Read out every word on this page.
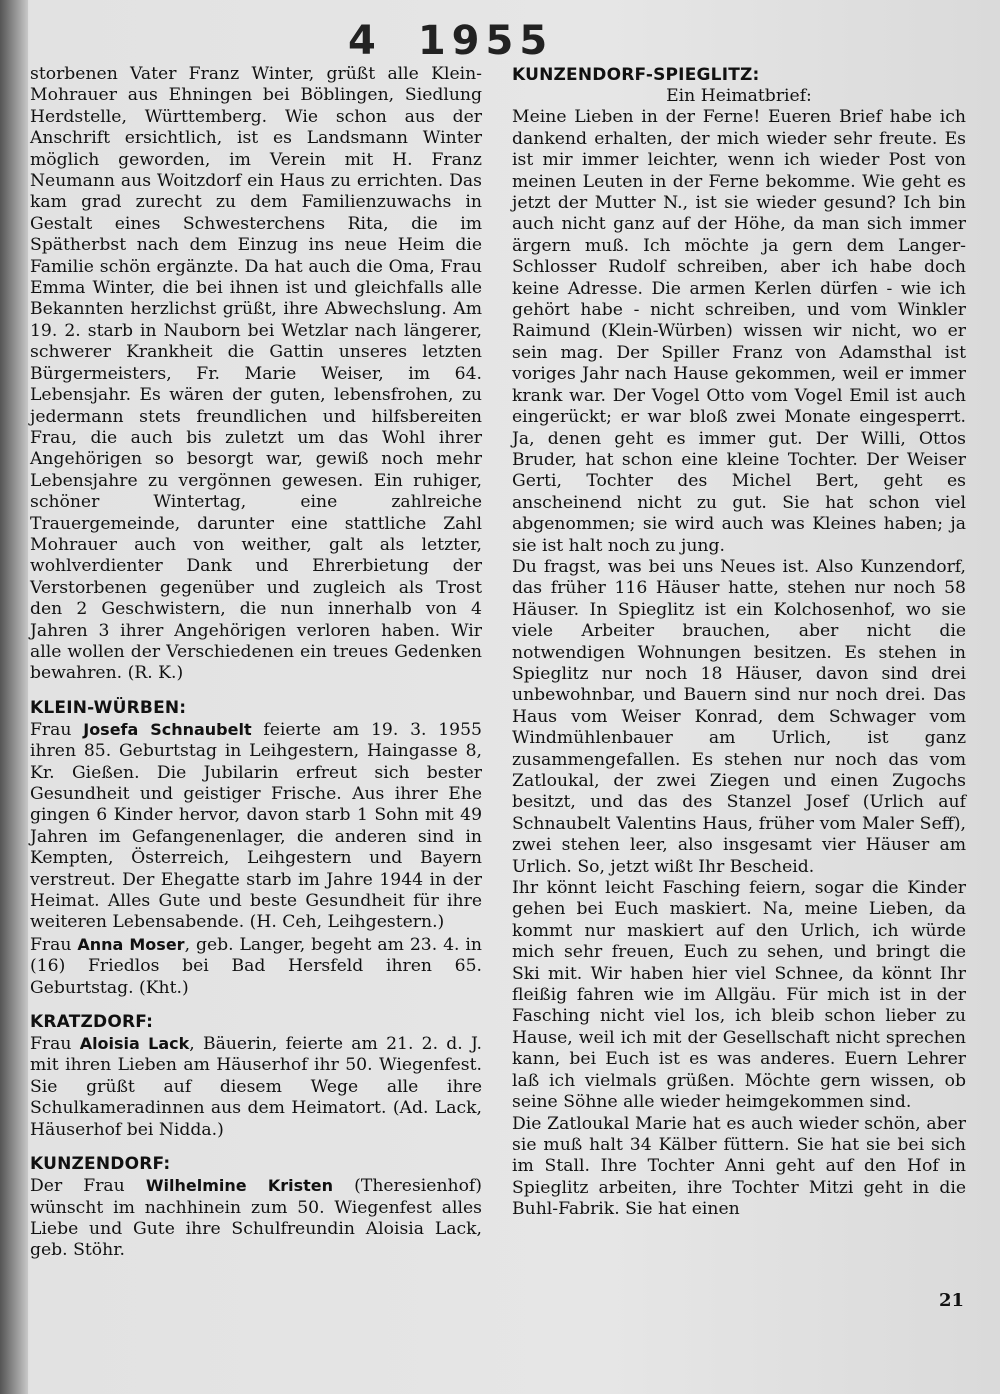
4 1955

storbenen Vater Franz Winter, grüßt alle Klein-Mohrauer aus Ehningen bei Böblingen, Siedlung Herdstelle, Württemberg. Wie schon aus der Anschrift ersichtlich, ist es Landsmann Winter möglich geworden, im Verein mit H. Franz Neumann aus Woitzdorf ein Haus zu errichten. Das kam grad zurecht zu dem Familienzuwachs in Gestalt eines Schwesterchens Rita, die im Spätherbst nach dem Einzug ins neue Heim die Familie schön ergänzte. Da hat auch die Oma, Frau Emma Winter, die bei ihnen ist und gleichfalls alle Bekannten herzlichst grüßt, ihre Abwechslung. Am 19. 2. starb in Nauborn bei Wetzlar nach längerer, schwerer Krankheit die Gattin unseres letzten Bürgermeisters, Fr. Marie Weiser, im 64. Lebensjahr. Es wären der guten, lebensfrohen, zu jedermann stets freundlichen und hilfsbereiten Frau, die auch bis zuletzt um das Wohl ihrer Angehörigen so besorgt war, gewiß noch mehr Lebensjahre zu vergönnen gewesen. Ein ruhiger, schöner Wintertag, eine zahlreiche Trauergemeinde, darunter eine stattliche Zahl Mohrauer auch von weither, galt als letzter, wohlverdienter Dank und Ehrerbietung der Verstorbenen gegenüber und zugleich als Trost den 2 Geschwistern, die nun innerhalb von 4 Jahren 3 ihrer Angehörigen verloren haben. Wir alle wollen der Verschiedenen ein treues Gedenken bewahren. (R. K.)

KLEIN-WÜRBEN:

Frau Josefa Schnaubelt feierte am 19. 3. 1955 ihren 85. Geburtstag in Leihgestern, Haingasse 8, Kr. Gießen. Die Jubilarin erfreut sich bester Gesundheit und geistiger Frische. Aus ihrer Ehe gingen 6 Kinder hervor, davon starb 1 Sohn mit 49 Jahren im Gefangenenlager, die anderen sind in Kempten, Österreich, Leihgestern und Bayern verstreut. Der Ehegatte starb im Jahre 1944 in der Heimat. Alles Gute und beste Gesundheit für ihre weiteren Lebensabende. (H. Ceh, Leihgestern.)

Frau Anna Moser, geb. Langer, begeht am 23. 4. in (16) Friedlos bei Bad Hersfeld ihren 65. Geburtstag. (Kht.)

KRATZDORF:

Frau Aloisia Lack, Bäuerin, feierte am 21. 2. d. J. mit ihren Lieben am Häuserhof ihr 50. Wiegenfest. Sie grüßt auf diesem Wege alle ihre Schulkameradinnen aus dem Heimatort. (Ad. Lack, Häuserhof bei Nidda.)

KUNZENDORF:

Der Frau Wilhelmine Kristen (Theresienhof) wünscht im nachhinein zum 50. Wiegenfest alles Liebe und Gute ihre Schulfreundin Aloisia Lack, geb. Stöhr.

KUNZENDORF-SPIEGLITZ:

Ein Heimatbrief:

Meine Lieben in der Ferne! Eueren Brief habe ich dankend erhalten, der mich wieder sehr freute. Es ist mir immer leichter, wenn ich wieder Post von meinen Leuten in der Ferne bekomme. Wie geht es jetzt der Mutter N., ist sie wieder gesund? Ich bin auch nicht ganz auf der Höhe, da man sich immer ärgern muß. Ich möchte ja gern dem Langer-Schlosser Rudolf schreiben, aber ich habe doch keine Adresse. Die armen Kerlen dürfen - wie ich gehört habe - nicht schreiben, und vom Winkler Raimund (Klein-Würben) wissen wir nicht, wo er sein mag. Der Spiller Franz von Adamsthal ist voriges Jahr nach Hause gekommen, weil er immer krank war. Der Vogel Otto vom Vogel Emil ist auch eingerückt; er war bloß zwei Monate eingesperrt. Ja, denen geht es immer gut. Der Willi, Ottos Bruder, hat schon eine kleine Tochter. Der Weiser Gerti, Tochter des Michel Bert, geht es anscheinend nicht zu gut. Sie hat schon viel abgenommen; sie wird auch was Kleines haben; ja sie ist halt noch zu jung.

Du fragst, was bei uns Neues ist. Also Kunzendorf, das früher 116 Häuser hatte, stehen nur noch 58 Häuser. In Spieglitz ist ein Kolchosenhof, wo sie viele Arbeiter brauchen, aber nicht die notwendigen Wohnungen besitzen. Es stehen in Spieglitz nur noch 18 Häuser, davon sind drei unbewohnbar, und Bauern sind nur noch drei. Das Haus vom Weiser Konrad, dem Schwager vom Windmühlenbauer am Urlich, ist ganz zusammengefallen. Es stehen nur noch das vom Zatloukal, der zwei Ziegen und einen Zugochs besitzt, und das des Stanzel Josef (Urlich auf Schnaubelt Valentins Haus, früher vom Maler Seff), zwei stehen leer, also insgesamt vier Häuser am Urlich. So, jetzt wißt Ihr Bescheid.

Ihr könnt leicht Fasching feiern, sogar die Kinder gehen bei Euch maskiert. Na, meine Lieben, da kommt nur maskiert auf den Urlich, ich würde mich sehr freuen, Euch zu sehen, und bringt die Ski mit. Wir haben hier viel Schnee, da könnt Ihr fleißig fahren wie im Allgäu. Für mich ist in der Fasching nicht viel los, ich bleib schon lieber zu Hause, weil ich mit der Gesellschaft nicht sprechen kann, bei Euch ist es was anderes. Euern Lehrer laß ich vielmals grüßen. Möchte gern wissen, ob seine Söhne alle wieder heimgekommen sind.

Die Zatloukal Marie hat es auch wieder schön, aber sie muß halt 34 Kälber füttern. Sie hat sie bei sich im Stall. Ihre Tochter Anni geht auf den Hof in Spieglitz arbeiten, ihre Tochter Mitzi geht in die Buhl-Fabrik. Sie hat einen

21
